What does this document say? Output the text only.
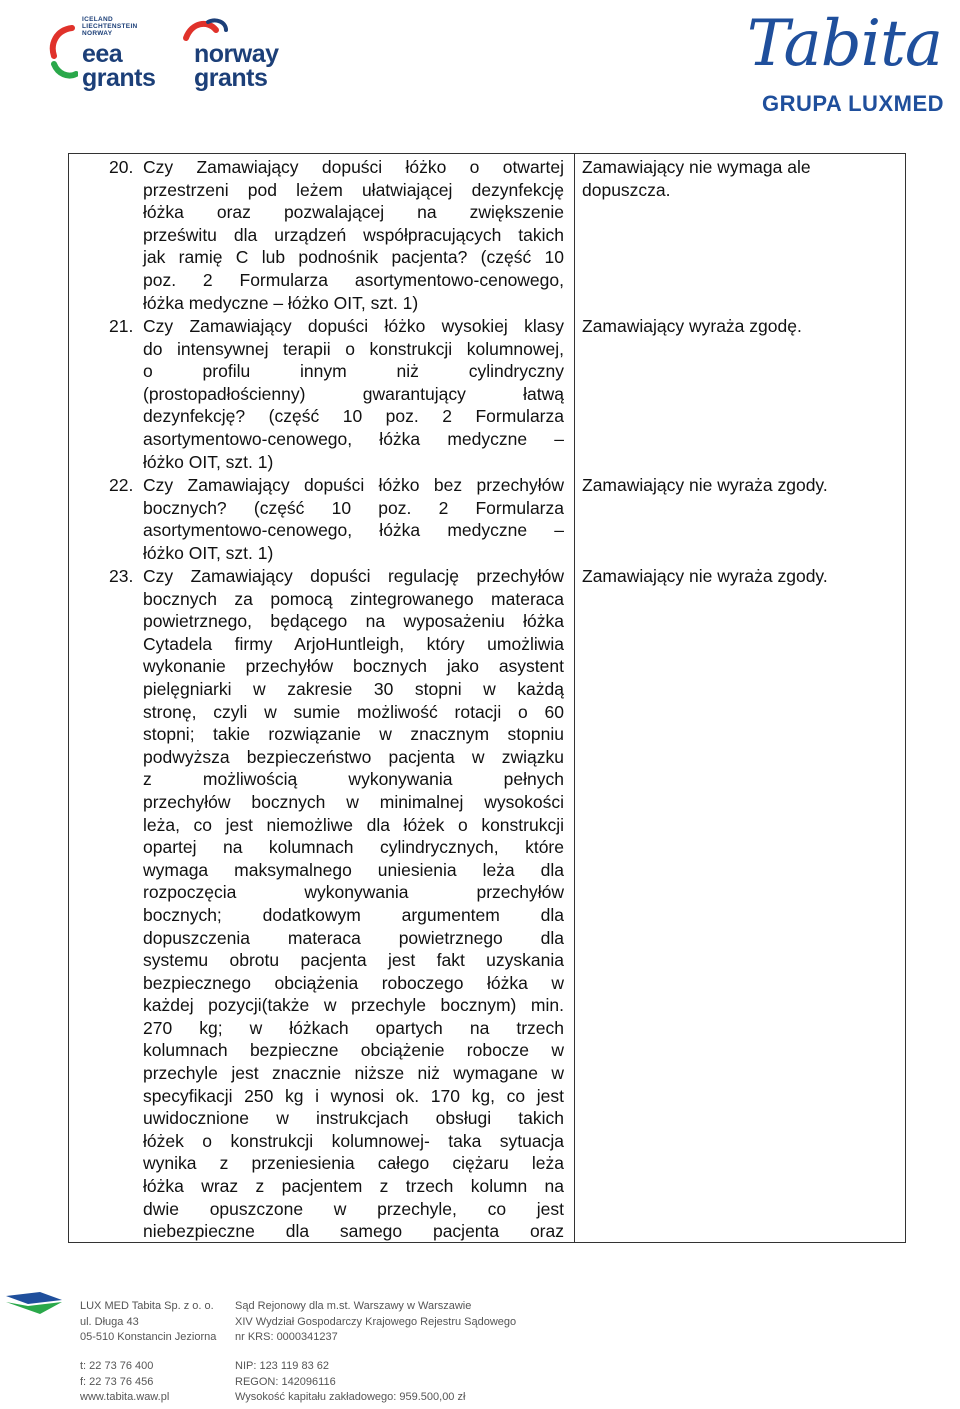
ICELAND
LIECHTENSTEIN
NORWAY
eea
grants
norway
grants	Tabita
GRUPA LUXMED
20. Czy Zamawiający dopuści łóżko o otwartej
przestrzeni pod leżem ułatwiającej dezynfekcję
łóżka oraz pozwalającej na zwiększenie
prześwitu dla urządzeń współpracujących takich
jak ramię C lub podnośnik pacjenta? (część 10
poz. 2 Formularza asortymentowo-cenowego,
łóżka medyczne – łóżko OIT, szt. 1)
Zamawiający nie wymaga ale
dopuszcza.
21. Czy Zamawiający dopuści łóżko wysokiej klasy
do intensywnej terapii o konstrukcji kolumnowej,
o profilu innym niż cylindryczny
(prostopadłościenny) gwarantujący łatwą
dezynfekcję? (część 10 poz. 2 Formularza
asortymentowo-cenowego, łóżka medyczne –
łóżko OIT, szt. 1)
Zamawiający wyraża zgodę.
22. Czy Zamawiający dopuści łóżko bez przechyłów
bocznych? (część 10 poz. 2 Formularza
asortymentowo-cenowego, łóżka medyczne –
łóżko OIT, szt. 1)
Zamawiający nie wyraża zgody.
23. Czy Zamawiający dopuści regulację przechyłów
bocznych za pomocą zintegrowanego materaca
powietrznego, będącego na wyposażeniu łóżka
Cytadela firmy ArjoHuntleigh, który umożliwia
wykonanie przechyłów bocznych jako asystent
pielęgniarki w zakresie 30 stopni w każdą
stronę, czyli w sumie możliwość rotacji o 60
stopni; takie rozwiązanie w znacznym stopniu
podwyższa bezpieczeństwo pacjenta w związku
z możliwością wykonywania pełnych
przechyłów bocznych w minimalnej wysokości
leża, co jest niemożliwe dla łóżek o konstrukcji
opartej na kolumnach cylindrycznych, które
wymaga maksymalnego uniesienia leża dla
rozpoczęcia wykonywania przechyłów
bocznych; dodatkowym argumentem dla
dopuszczenia materaca powietrznego dla
systemu obrotu pacjenta jest fakt uzyskania
bezpiecznego obciążenia roboczego łóżka w
każdej pozycji(także w przechyle bocznym) min.
270 kg; w łóżkach opartych na trzech
kolumnach bezpieczne obciążenie robocze w
przechyle jest znacznie niższe niż wymagane w
specyfikacji 250 kg i wynosi ok. 170 kg, co jest
uwidocznione w instrukcjach obsługi takich
łóżek o konstrukcji kolumnowej- taka sytuacja
wynika z przeniesienia całego ciężaru leża
łóżka wraz z pacjentem z trzech kolumn na
dwie opuszczone w przechyle, co jest
niebezpieczne dla samego pacjenta oraz
Zamawiający nie wyraża zgody.
LUX MED Tabita Sp. z o. o.
ul. Długa 43
05-510 Konstancin Jeziorna
Sąd Rejonowy dla m.st. Warszawy w Warszawie
XIV Wydział Gospodarczy Krajowego Rejestru Sądowego
nr KRS: 0000341237
t: 22 73 76 400
f: 22 73 76 456
www.tabita.waw.pl
NIP: 123 119 83 62
REGON: 142096116
Wysokość kapitału zakładowego: 959.500,00 zł
